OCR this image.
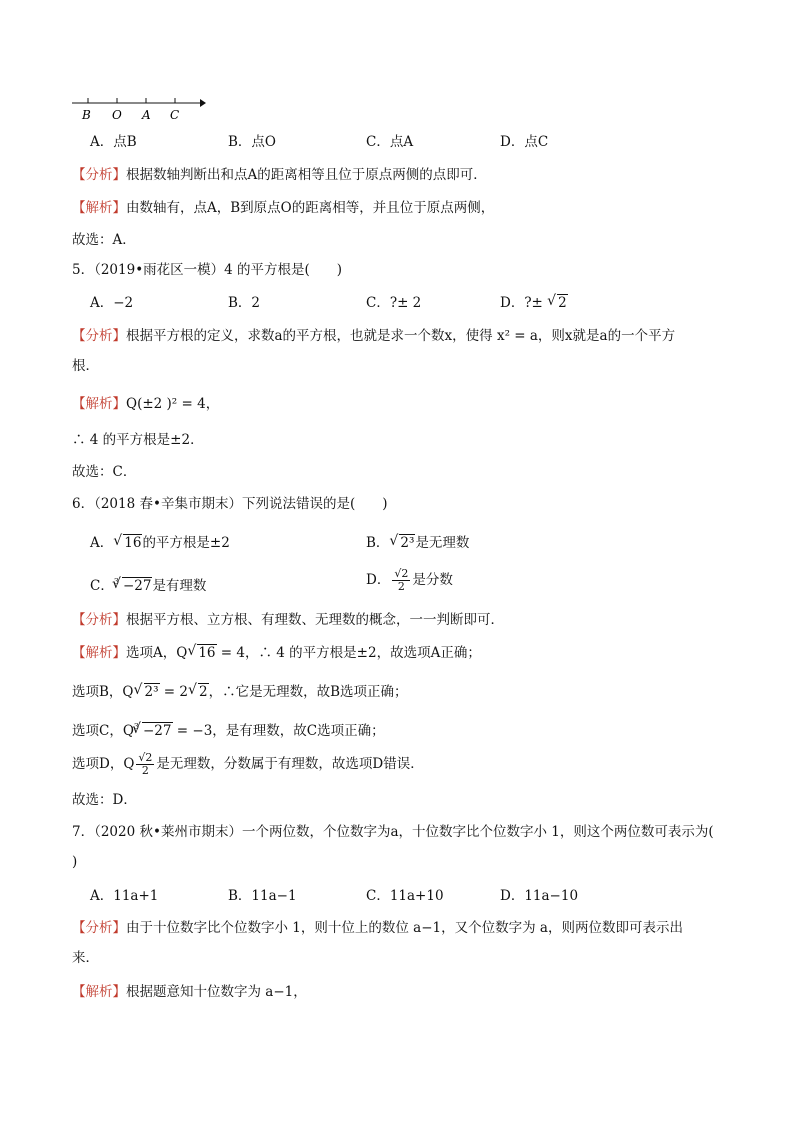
B O A C
A．点B	B．点O	C．点A	D．点C
【分析】根据数轴判断出和点A的距离相等且位于原点两侧的点即可．
【解析】由数轴有，点A，B到原点O的距离相等，并且位于原点两侧，
故选：A．
5．（2019•雨花区一模）4 的平方根是(　　)
A．−2	B．2	C．?± 2	D．?± √ 2
【分析】根据平方根的定义，求数a的平方根，也就是求一个数x，使得 x² = a，则x就是a的一个平方
根．
【解析】Q(±2 )² = 4，
∴ 4 的平方根是±2．
故选：C．
6．（2018 春•辛集市期末）下列说法错误的是(　　)
A．√ 16的平方根是±2	B．√ 2³是无理数
C．$^3$√ −27是有理数	D． $\frac{√2}{2}$ 是分数
【分析】根据平方根、立方根、有理数、无理数的概念，一一判断即可．
【解析】选项A，Q√ 16 = 4，∴ 4 的平方根是±2，故选项A正确；
选项B，Q√ 2³ = 2√ 2，∴它是无理数，故B选项正确；
选项C，$Q^3√ -27 = -3$，是有理数，故C选项正确；
选项D，Q $\frac{√2}{2}$ 是无理数，分数属于有理数，故选项D错误．
故选：D．
7．（2020 秋•莱州市期末）一个两位数，个位数字为a，十位数字比个位数字小 1，则这个两位数可表示为(
)
A．11a+1	B．11a−1	C．11a+10	D．11a−10
【分析】由于十位数字比个位数字小 1，则十位上的数位 a−1，又个位数字为 a，则两位数即可表示出
来．
【解析】根据题意知十位数字为 a−1，
